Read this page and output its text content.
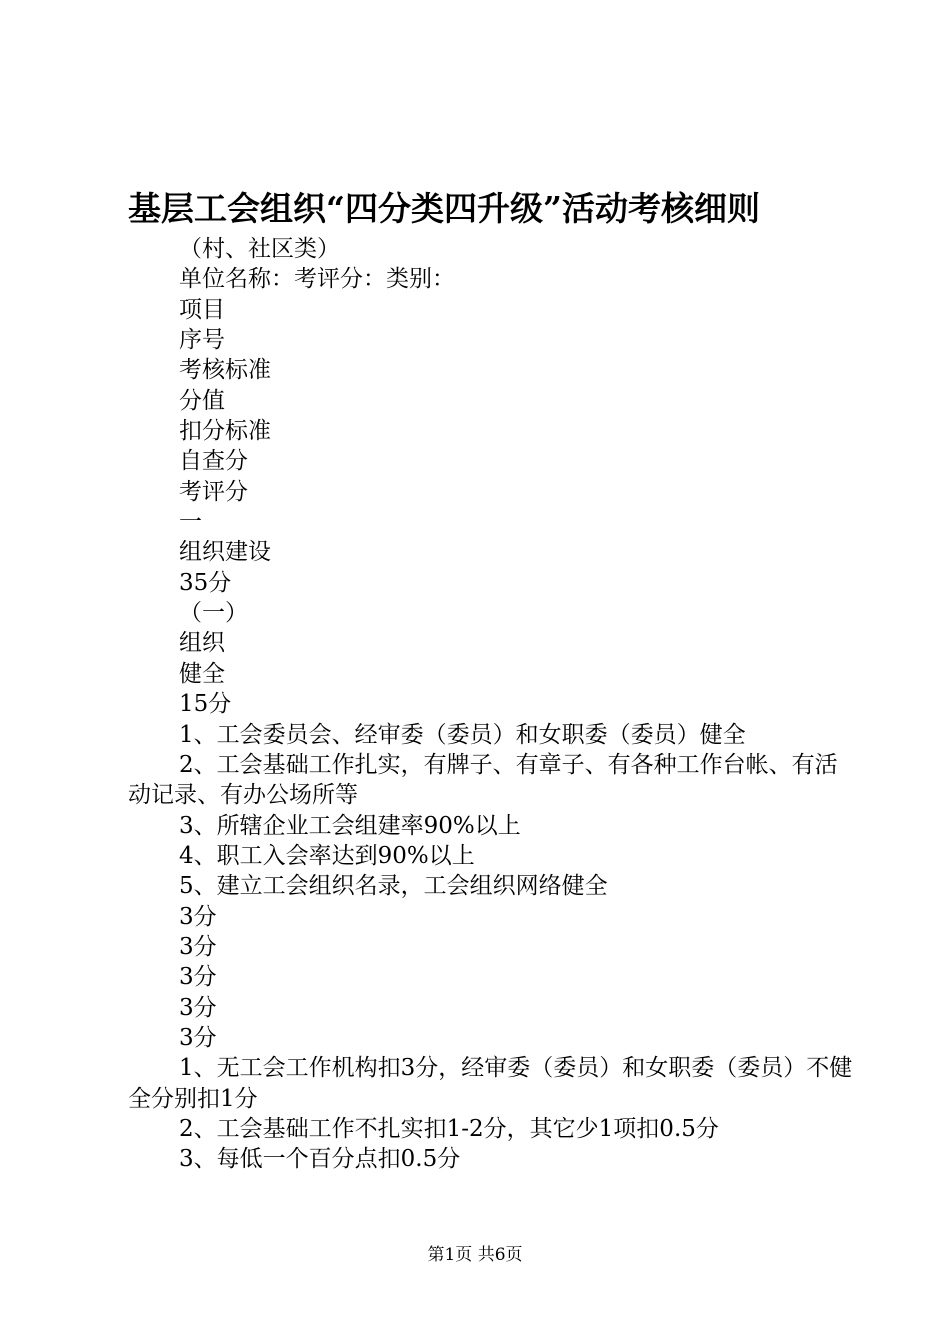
基层工会组织“四分类四升级”活动考核细则
（村、社区类）
单位名称：考评分：类别：
项目
序号
考核标准
分值
扣分标准
自查分
考评分
一
组织建设
35分
（一）
组织
健全
15分
1、工会委员会、经审委（委员）和女职委（委员）健全
2、工会基础工作扎实，有牌子、有章子、有各种工作台帐、有活动记录、有办公场所等
3、所辖企业工会组建率90%以上
4、职工入会率达到90%以上
5、建立工会组织名录，工会组织网络健全
3分
3分
3分
3分
3分
1、无工会工作机构扣3分，经审委（委员）和女职委（委员）不健全分别扣1分
2、工会基础工作不扎实扣1-2分，其它少1项扣0.5分
3、每低一个百分点扣0.5分
第1页 共6页
